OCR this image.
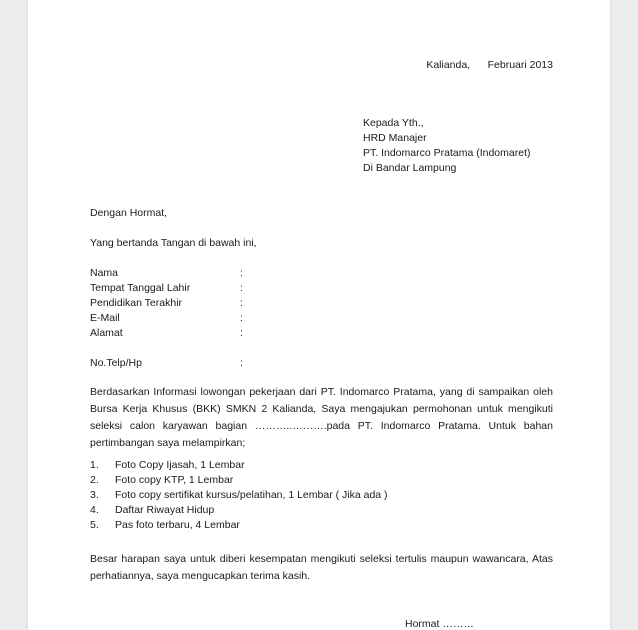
Kalianda,      Februari 2013
Kepada Yth.,
HRD Manajer
PT. Indomarco Pratama (Indomaret)
Di Bandar Lampung
Dengan Hormat,
Yang bertanda Tangan di bawah ini,
Nama	:
Tempat Tanggal Lahir	:
Pendidikan Terakhir	:
E-Mail	:
Alamat	:
No.Telp/Hp	:
Berdasarkan Informasi lowongan pekerjaan dari PT. Indomarco Pratama, yang di sampaikan oleh Bursa Kerja Khusus (BKK) SMKN 2 Kalianda, Saya mengajukan permohonan untuk mengikuti seleksi calon karyawan bagian ………..……….pada PT. Indomarco Pratama. Untuk bahan pertimbangan saya melampirkan;
1.	Foto Copy Ijasah, 1 Lembar
2.	Foto copy KTP, 1 Lembar
3.	Foto copy sertifikat kursus/pelatihan, 1 Lembar ( Jika ada )
4.	Daftar Riwayat Hidup
5.	Pas foto terbaru, 4 Lembar
Besar harapan saya untuk diberi kesempatan mengikuti seleksi tertulis maupun wawancara, Atas perhatiannya, saya mengucapkan terima kasih.
Hormat ………
